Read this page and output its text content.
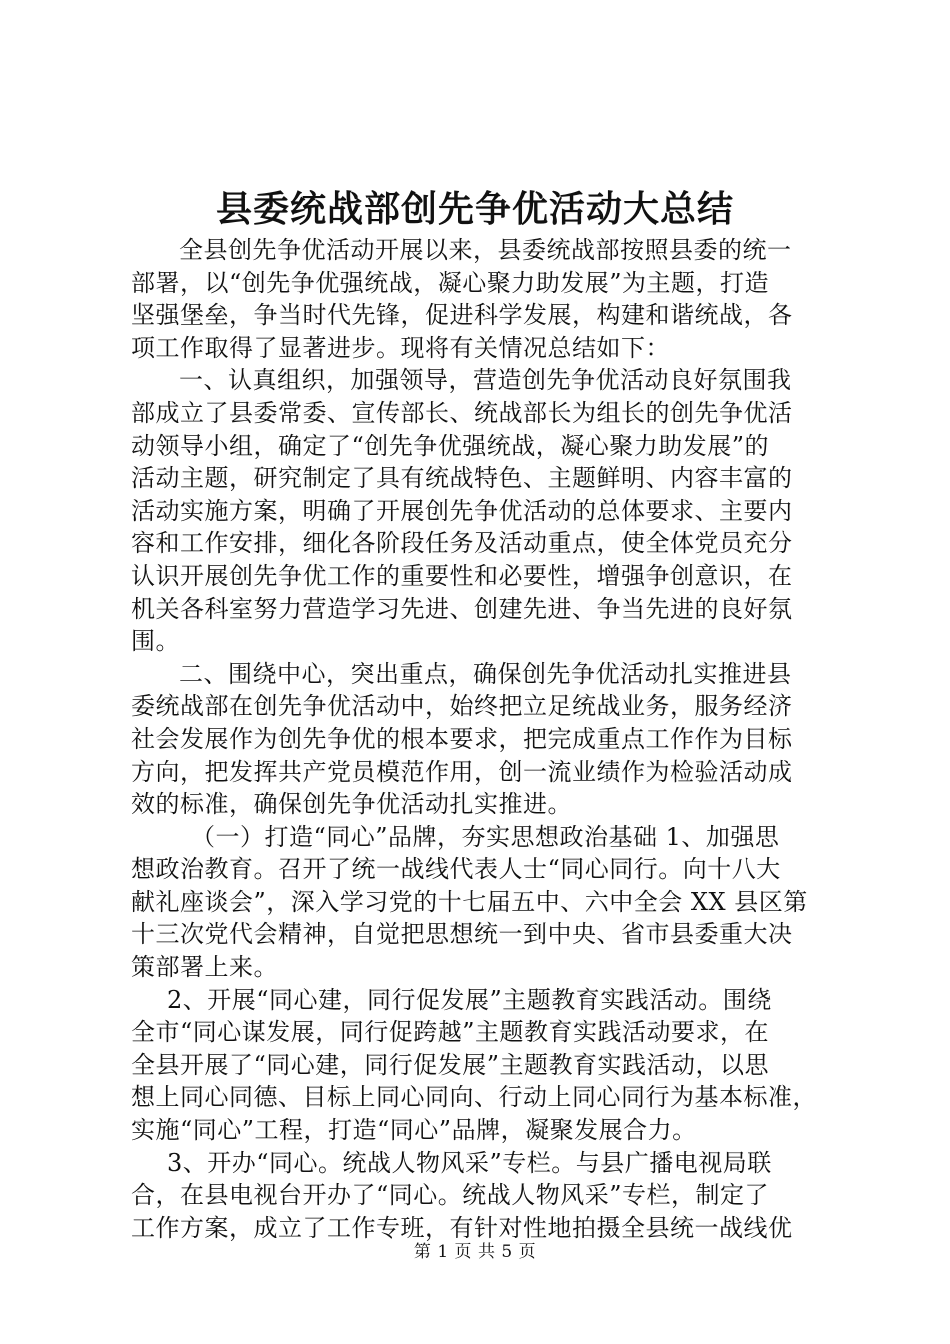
县委统战部创先争优活动大总结
全县创先争优活动开展以来，县委统战部按照县委的统一
部署，以“创先争优强统战，凝心聚力助发展”为主题，打造
坚强堡垒，争当时代先锋，促进科学发展，构建和谐统战，各
项工作取得了显著进步。现将有关情况总结如下：
一、认真组织，加强领导，营造创先争优活动良好氛围我
部成立了县委常委、宣传部长、统战部长为组长的创先争优活
动领导小组，确定了“创先争优强统战，凝心聚力助发展”的
活动主题，研究制定了具有统战特色、主题鲜明、内容丰富的
活动实施方案，明确了开展创先争优活动的总体要求、主要内
容和工作安排，细化各阶段任务及活动重点，使全体党员充分
认识开展创先争优工作的重要性和必要性，增强争创意识，在
机关各科室努力营造学习先进、创建先进、争当先进的良好氛
围。
二、围绕中心，突出重点，确保创先争优活动扎实推进县
委统战部在创先争优活动中，始终把立足统战业务，服务经济
社会发展作为创先争优的根本要求，把完成重点工作作为目标
方向，把发挥共产党员模范作用，创一流业绩作为检验活动成
效的标准，确保创先争优活动扎实推进。
（一）打造“同心”品牌，夯实思想政治基础 1、加强思
想政治教育。召开了统一战线代表人士“同心同行。向十八大
献礼座谈会”，深入学习党的十七届五中、六中全会 XX 县区第
十三次党代会精神，自觉把思想统一到中央、省市县委重大决
策部署上来。
2、开展“同心建，同行促发展”主题教育实践活动。围绕
全市“同心谋发展，同行促跨越”主题教育实践活动要求，在
全县开展了“同心建，同行促发展”主题教育实践活动，以思
想上同心同德、目标上同心同向、行动上同心同行为基本标准，
实施“同心”工程，打造“同心”品牌，凝聚发展合力。
3、开办“同心。统战人物风采”专栏。与县广播电视局联
合，在县电视台开办了“同心。统战人物风采”专栏，制定了
工作方案，成立了工作专班，有针对性地拍摄全县统一战线优
第 1 页 共 5 页
